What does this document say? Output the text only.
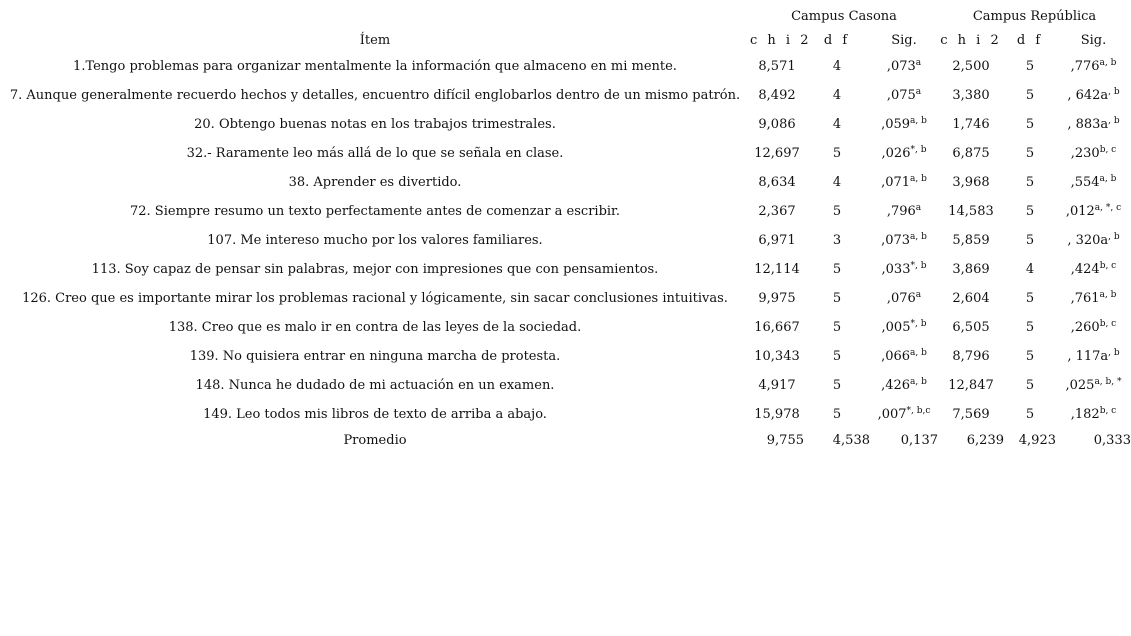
	Campus Casona			Campus República		
Ítem	c h i 2	d f	Sig.	c h i 2	d f	Sig.
1.Tengo problemas para organizar mentalmente la información que almaceno en mi mente.	8,571	4	,073$^a$	2,500	5	,776$^{a, b}$
7. Aunque generalmente recuerdo hechos y detalles, encuentro difícil englobarlos dentro de un mismo patrón.	8,492	4	,075$^a$	3,380	5	, $642a^{, b}$
20. Obtengo buenas notas en los trabajos trimestrales.	9,086	4	,059$^{a, b}$	1,746	5	, $883a^{, b}$
32.- Raramente leo más allá de lo que se señala en clase.	12,697	5	$,026^{*, b}$	6,875	5	,230$^{b, c}$
38. Aprender es divertido.	8,634	4	,071$^{a, b}$	3,968	5	,554$^{a, b}$
72. Siempre resumo un texto perfectamente antes de comenzar a escribir.	2,367	5	,796$^a$	14,583	5	$,012^{a, *, c}$
107. Me intereso mucho por los valores familiares.	6,971	3	,073$^{a, b}$	5,859	5	, $320a^{, b}$
113. Soy capaz de pensar sin palabras, mejor con impresiones que con pensamientos.	12,114	5	$,033^{*, b}$	3,869	4	,424$^{b, c}$
126. Creo que es importante mirar los problemas racional y lógicamente, sin sacar conclusiones intuitivas.	9,975	5	,076$^a$	2,604	5	,761$^{a, b}$
138. Creo que es malo ir en contra de las leyes de la sociedad.	16,667	5	$,005^{*, b}$	6,505	5	,260$^{b, c}$
139. No quisiera entrar en ninguna marcha de protesta.	10,343	5	,066$^{a, b}$	8,796	5	, $117a^{, b}$
148. Nunca he dudado de mi actuación en un examen.	4,917	5	,426$^{a, b}$	12,847	5	$,025^{a, b, *}$
149. Leo todos mis libros de texto de arriba a abajo.	15,978	5	$,007^{*, b,c}$	7,569	5	,182$^{b, c}$
Promedio	9,755	4,538	0,137	6,239	4,923	0,333
